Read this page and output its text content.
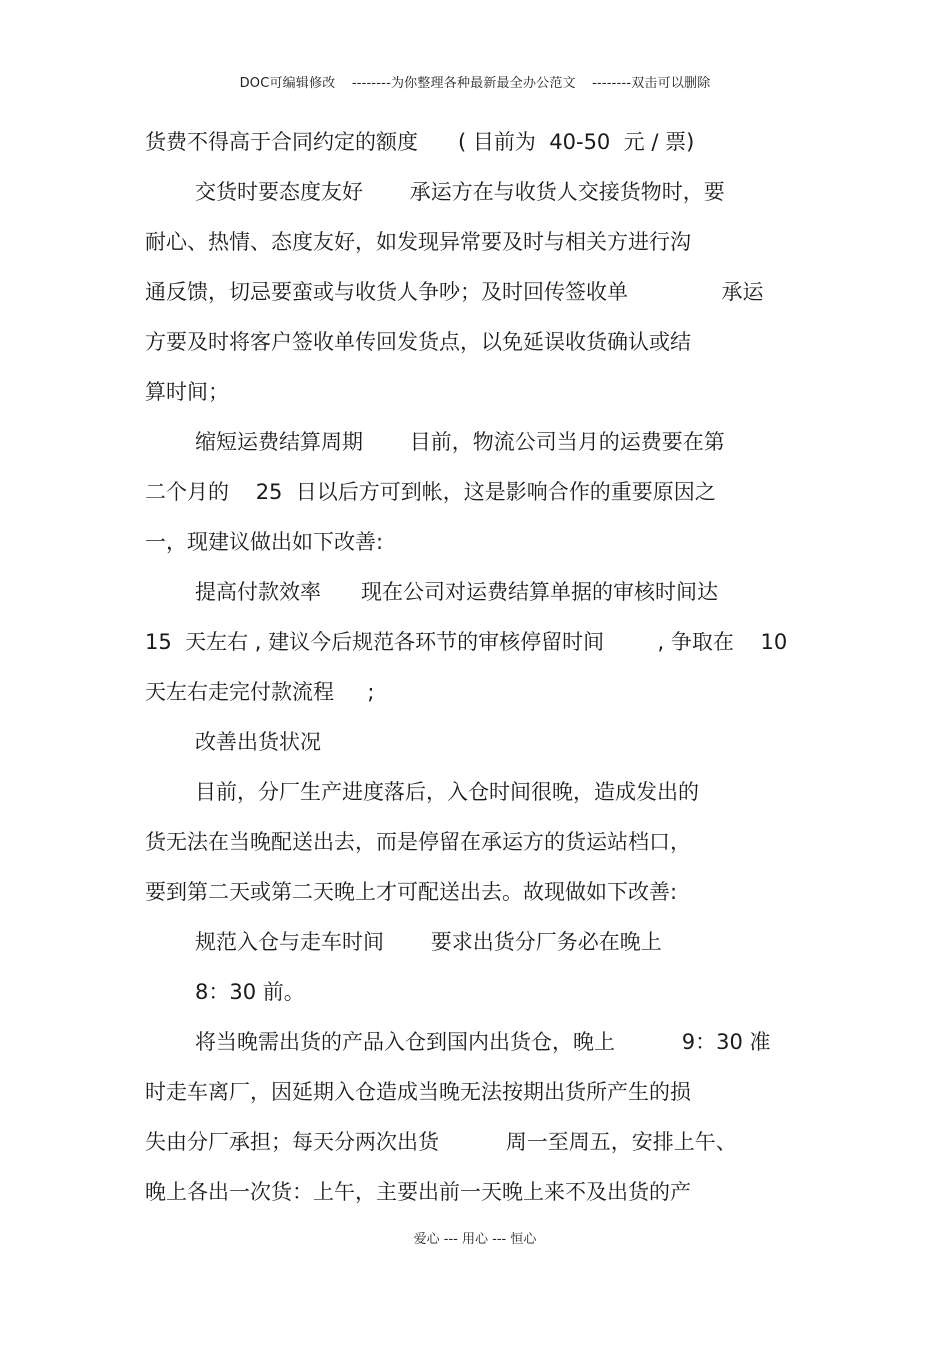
DOC可编辑修改 --------为你整理各种最新最全办公范文 --------双击可以删除
货费不得高于合同约定的额度      ( 目前为  40-50  元 / 票)
交货时要态度友好       承运方在与收货人交接货物时，要
耐心、热情、态度友好，如发现异常要及时与相关方进行沟
通反馈，切忌要蛮或与收货人争吵；及时回传签收单              承运
方要及时将客户签收单传回发货点，以免延误收货确认或结
算时间；
缩短运费结算周期       目前，物流公司当月的运费要在第
二个月的    25  日以后方可到帐，这是影响合作的重要原因之
一，现建议做出如下改善:
提高付款效率      现在公司对运费结算单据的审核时间达
15  天左右 , 建议今后规范各环节的审核停留时间        , 争取在    10
天左右走完付款流程     ;
改善出货状况
目前，分厂生产进度落后，入仓时间很晚，造成发出的
货无法在当晚配送出去，而是停留在承运方的货运站档口，
要到第二天或第二天晚上才可配送出去。故现做如下改善:
规范入仓与走车时间       要求出货分厂务必在晚上
8：30 前。
将当晚需出货的产品入仓到国内出货仓，晚上          9：30 准
时走车离厂，因延期入仓造成当晚无法按期出货所产生的损
失由分厂承担；每天分两次出货          周一至周五，安排上午、
晚上各出一次货：上午，主要出前一天晚上来不及出货的产
爱心 --- 用心 --- 恒心
